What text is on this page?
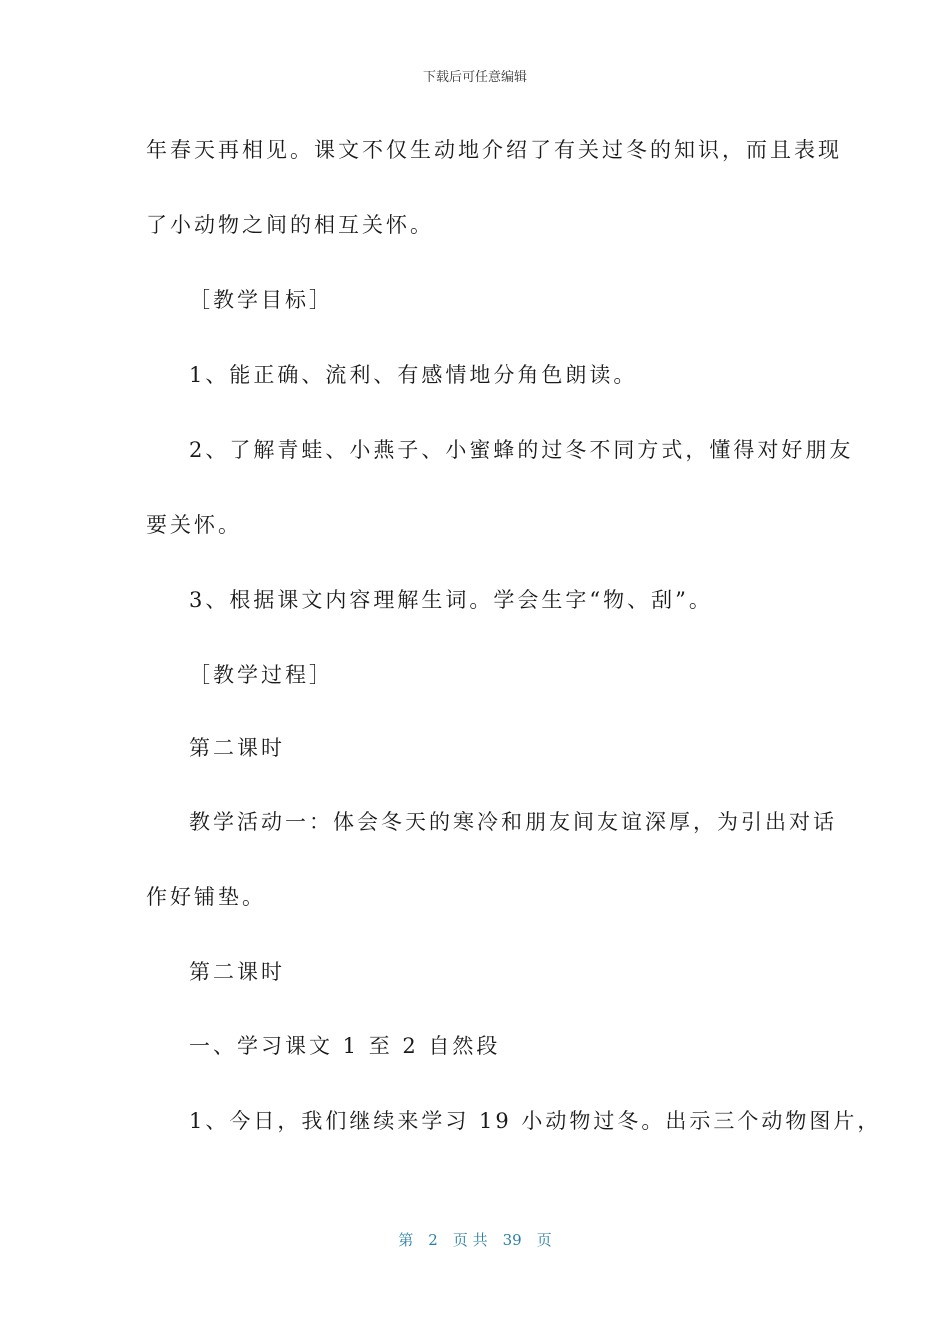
下载后可任意编辑
年春天再相见。课文不仅生动地介绍了有关过冬的知识，而且表现
了小动物之间的相互关怀。
［教学目标］
1、能正确、流利、有感情地分角色朗读。
2、了解青蛙、小燕子、小蜜蜂的过冬不同方式，懂得对好朋友
要关怀。
3、根据课文内容理解生词。学会生字“物、刮”。
［教学过程］
第二课时
教学活动一：体会冬天的寒冷和朋友间友谊深厚，为引出对话
作好铺垫。
第二课时
一、学习课文 1 至 2 自然段
1、今日，我们继续来学习 19 小动物过冬。出示三个动物图片，
第　2　页 共　39　页
